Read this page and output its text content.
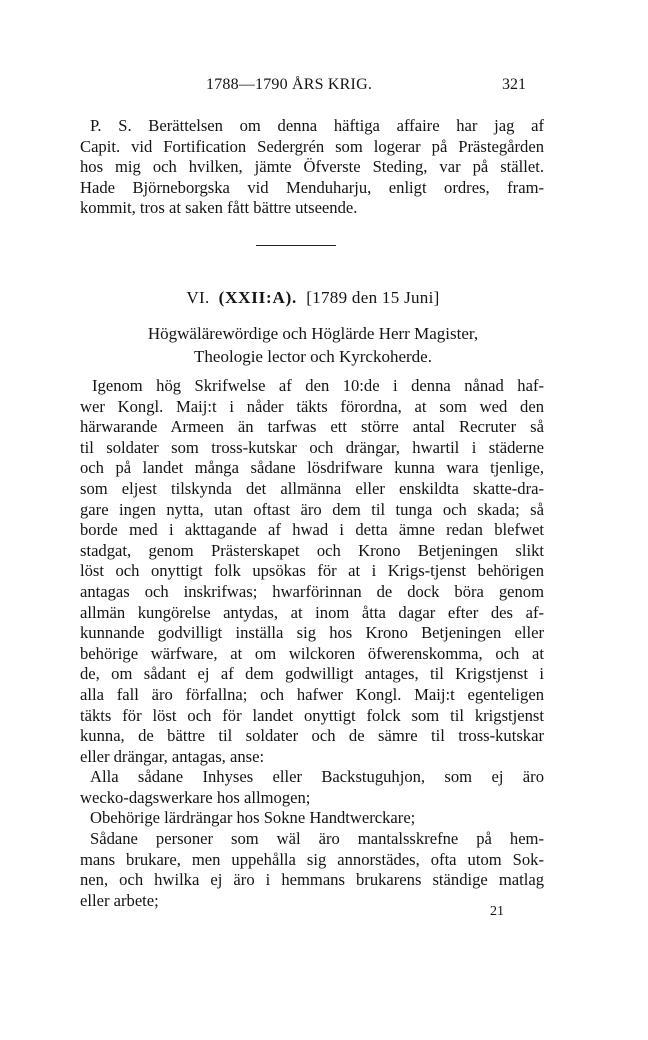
1788—1790 ÅRS KRIG.	321
P. S. Berättelsen om denna häftiga affaire har jag af
Capit. vid Fortification Sedergrén som logerar på Prästegården
hos mig och hvilken, jämte Öfverste Steding, var på stället.
Hade Björneborgska vid Menduharju, enligt ordres, fram-
kommit, tros at saken fått bättre utseende.
VI. (XXII:A). [1789 den 15 Juni]
Högwälärewördige och Höglärde Herr Magister,
Theologie lector och Kyrckoherde.
Igenom hög Skrifwelse af den 10:de i denna nånad haf-
wer Kongl. Maij:t i nåder täkts förordna, at som wed den
härwarande Armeen än tarfwas ett större antal Recruter så
til soldater som tross-kutskar och drängar, hwartil i städerne
och på landet många sådane lösdrifware kunna wara tjenlige,
som eljest tilskynda det allmänna eller enskildta skatte-dra-
gare ingen nytta, utan oftast äro dem til tunga och skada; så
borde med i akttagande af hwad i detta ämne redan blefwet
stadgat, genom Prästerskapet och Krono Betjeningen slikt
löst och onyttigt folk upsökas för at i Krigs-tjenst behörigen
antagas och inskrifwas; hwarförinnan de dock böra genom
allmän kungörelse antydas, at inom åtta dagar efter des af-
kunnande godvilligt inställa sig hos Krono Betjeningen eller
behörige wärfware, at om wilckoren öfwerenskomma, och at
de, om sådant ej af dem godwilligt antages, til Krigstjenst i
alla fall äro förfallna; och hafwer Kongl. Maij:t egenteligen
täkts för löst och för landet onyttigt folck som til krigstjenst
kunna, de bättre til soldater och de sämre til tross-kutskar
eller drängar, antagas, anse:
Alla sådane Inhyses eller Backstuguhjon, som ej äro
wecko-dagswerkare hos allmogen;
Obehörige lärdrängar hos Sokne Handtwerckare;
Sådane personer som wäl äro mantalsskrefne på hem-
mans brukare, men uppehålla sig annorstädes, ofta utom Sok-
nen, och hwilka ej äro i hemmans brukarens ständige matlag
eller arbete;
21
